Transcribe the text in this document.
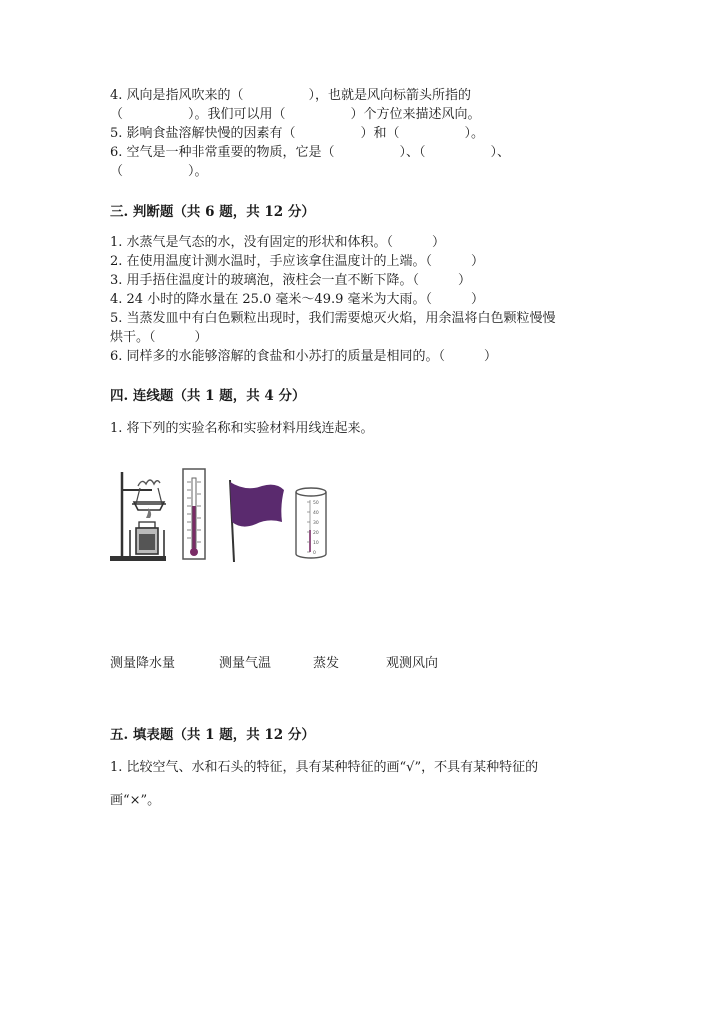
4. 风向是指风吹来的（　　　　　），也就是风向标箭头所指的
（　　　　　）。我们可以用（　　　　　）个方位来描述风向。
5. 影响食盐溶解快慢的因素有（　　　　　）和（　　　　　）。
6. 空气是一种非常重要的物质，它是（　　　　　）、（　　　　　）、
（　　　　　）。
三. 判断题（共 6 题，共 12 分）
1. 水蒸气是气态的水，没有固定的形状和体积。（　　　）
2. 在使用温度计测水温时，手应该拿住温度计的上端。（　　　）
3. 用手捂住温度计的玻璃泡，液柱会一直不断下降。（　　　）
4. 24 小时的降水量在 25.0 毫米～49.9 毫米为大雨。（　　　）
5. 当蒸发皿中有白色颗粒出现时，我们需要熄灭火焰，用余温将白色颗粒慢慢
烘干。（　　　）
6. 同样多的水能够溶解的食盐和小苏打的质量是相同的。（　　　）
四. 连线题（共 1 题，共 4 分）
1. 将下列的实验名称和实验材料用线连起来。
50
40
30
20
10
0
测量降水量	测量气温	蒸发	观测风向
五. 填表题（共 1 题，共 12 分）
1. 比较空气、水和石头的特征，具有某种特征的画“√”，不具有某种特征的
画“×”。
